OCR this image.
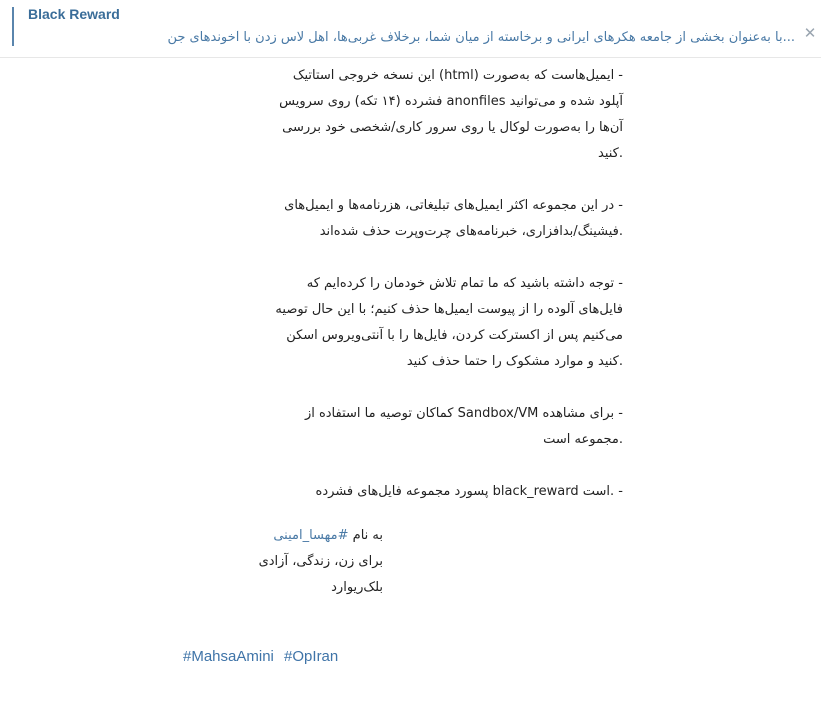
Black Reward
...با به‌عنوان بخشی از جامعه هکرهای ایرانی و برخاسته از میان شما، برخلاف غربی‌ها، اهل لاس زدن با آخوندهای جن ✕

- ایمیل‌هاست که به‌صورت (html) این نسخه خروجی استاتیک
آپلود شده و می‌توانید anonfiles فشرده (۱۴ تکه) روی سرویس
آن‌ها را به‌صورت لوکال یا روی سرور کاری/شخصی خود بررسی
.کنید

- در این مجموعه اکثر ایمیل‌های تبلیغاتی، هزرنامه‌ها و ایمیل‌های
.فیشینگ/بدافزاری، خبرنامه‌های چرت‌وپرت حذف شده‌اند

- توجه داشته باشید که ما تمام تلاش خودمان را کرده‌ایم که
فایل‌های آلوده را از پیوست ایمیل‌ها حذف کنیم؛ با این حال توصیه
می‌کنیم پس از اکسترکت کردن، فایل‌ها را با آنتی‌ویروس اسکن
.کنید و موارد مشکوک را حتما حذف کنید

- برای مشاهده Sandbox/VM کماکان توصیه ما استفاده از
.مجموعه است

- .است black_reward پسورد مجموعه فایل‌های فشرده

به نام #مهسا_امینی
برای زن، زندگی، آزادی
بلک‌ریوارد
#MahsaAmini #OpIran
